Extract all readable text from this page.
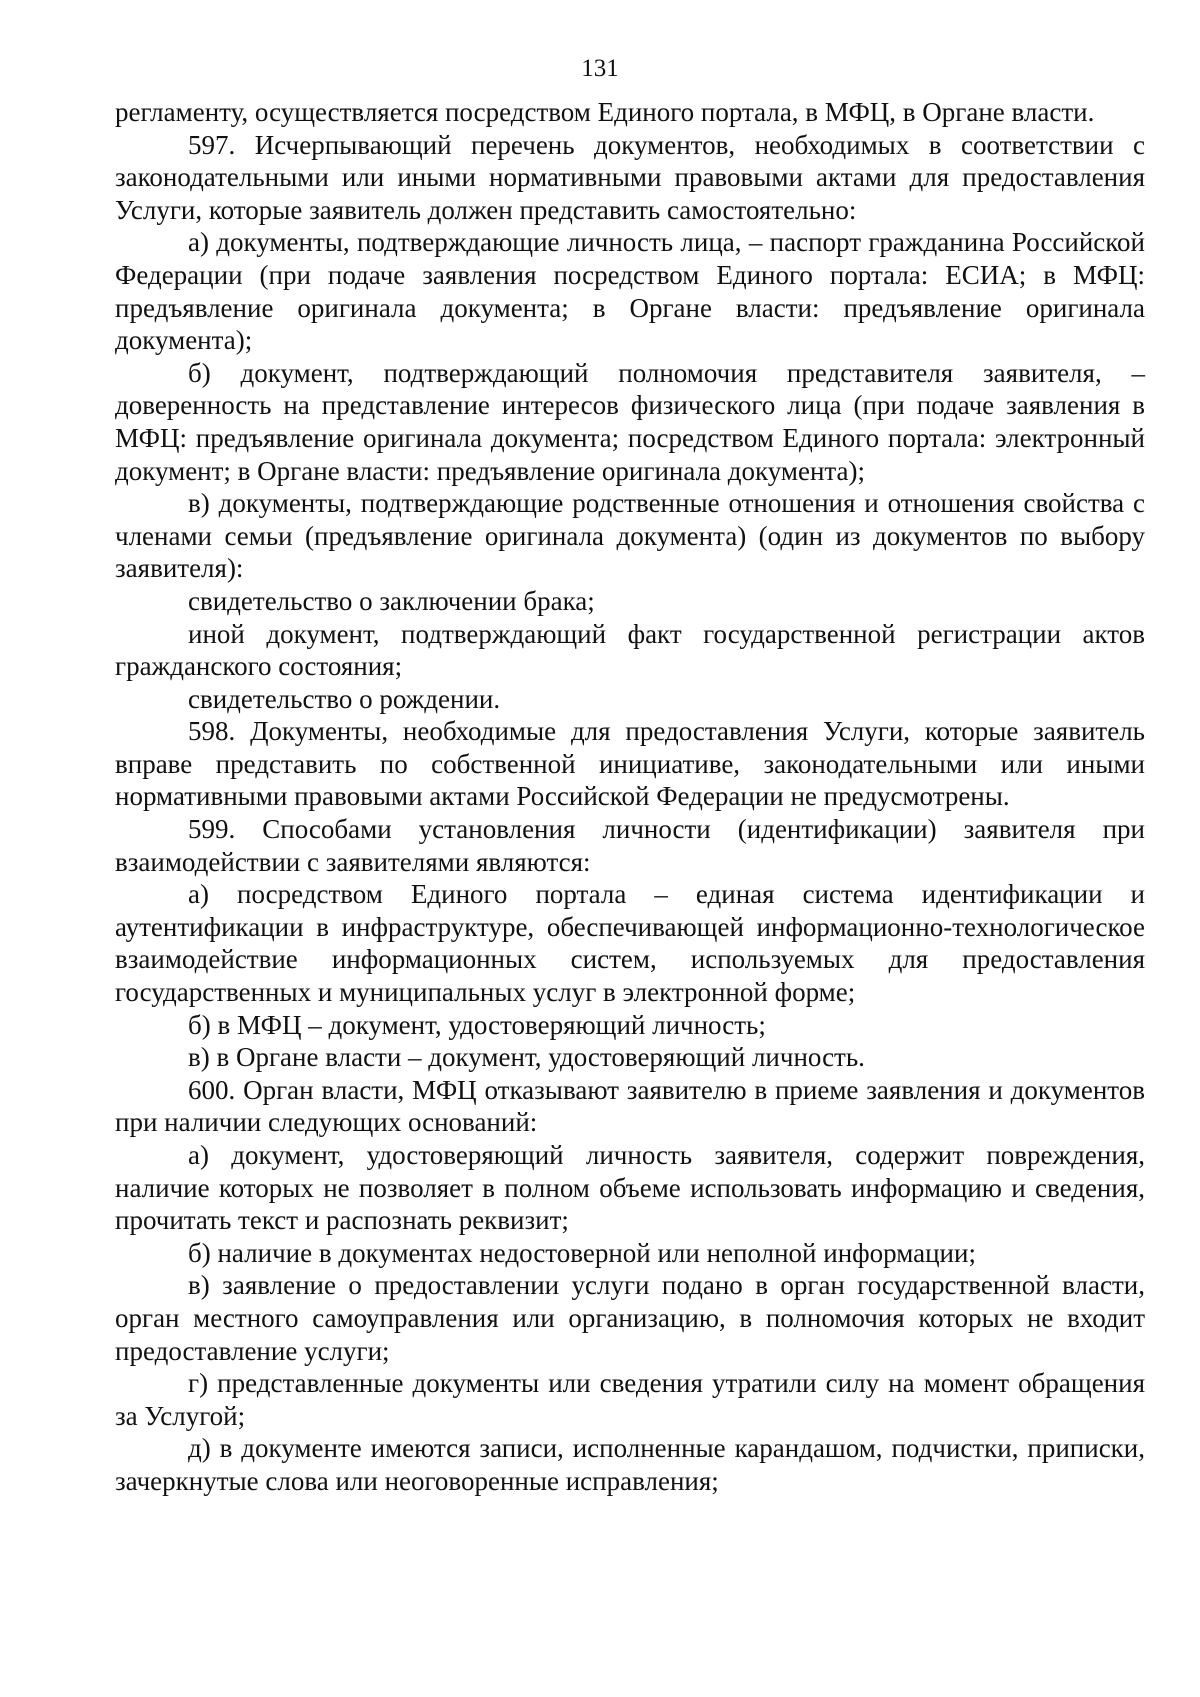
131

регламенту, осуществляется посредством Единого портала, в МФЦ, в Органе власти.

597. Исчерпывающий перечень документов, необходимых в соответствии с законодательными или иными нормативными правовыми актами для предоставления Услуги, которые заявитель должен представить самостоятельно:

а) документы, подтверждающие личность лица, – паспорт гражданина Российской Федерации (при подаче заявления посредством Единого портала: ЕСИА; в МФЦ: предъявление оригинала документа; в Органе власти: предъявление оригинала документа);

б) документ, подтверждающий полномочия представителя заявителя, – доверенность на представление интересов физического лица (при подаче заявления в МФЦ: предъявление оригинала документа; посредством Единого портала: электронный документ; в Органе власти: предъявление оригинала документа);

в) документы, подтверждающие родственные отношения и отношения свойства с членами семьи (предъявление оригинала документа) (один из документов по выбору заявителя):

свидетельство о заключении брака;

иной документ, подтверждающий факт государственной регистрации актов гражданского состояния;

свидетельство о рождении.

598. Документы, необходимые для предоставления Услуги, которые заявитель вправе представить по собственной инициативе, законодательными или иными нормативными правовыми актами Российской Федерации не предусмотрены.

599. Способами установления личности (идентификации) заявителя при взаимодействии с заявителями являются:

а) посредством Единого портала – единая система идентификации и аутентификации в инфраструктуре, обеспечивающей информационно-технологическое взаимодействие информационных систем, используемых для предоставления государственных и муниципальных услуг в электронной форме;

б) в МФЦ – документ, удостоверяющий личность;

в) в Органе власти – документ, удостоверяющий личность.

600. Орган власти, МФЦ отказывают заявителю в приеме заявления и документов при наличии следующих оснований:

а) документ, удостоверяющий личность заявителя, содержит повреждения, наличие которых не позволяет в полном объеме использовать информацию и сведения, прочитать текст и распознать реквизит;

б) наличие в документах недостоверной или неполной информации;

в) заявление о предоставлении услуги подано в орган государственной власти, орган местного самоуправления или организацию, в полномочия которых не входит предоставление услуги;

г) представленные документы или сведения утратили силу на момент обращения за Услугой;

д) в документе имеются записи, исполненные карандашом, подчистки, приписки, зачеркнутые слова или неоговоренные исправления;
